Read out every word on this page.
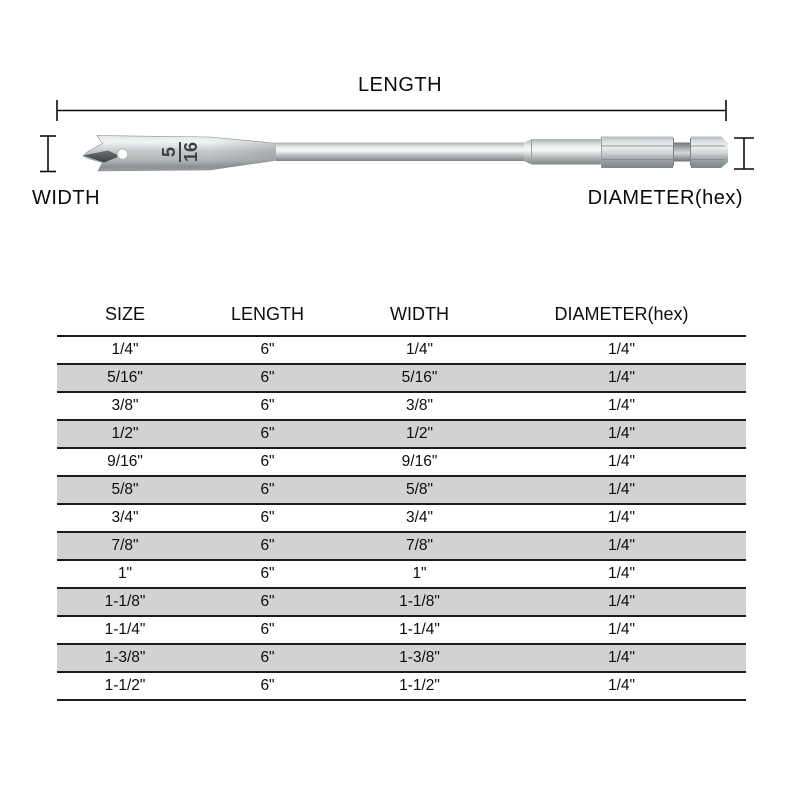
LENGTH
WIDTH	DIAMETER(hex)
5 16
SIZE	LENGTH	WIDTH	DIAMETER(hex)
1/4"	6"	1/4"	1/4"
5/16"	6"	5/16"	1/4"
3/8"	6"	3/8"	1/4"
1/2"	6"	1/2"	1/4"
9/16"	6"	9/16"	1/4"
5/8"	6"	5/8"	1/4"
3/4"	6"	3/4"	1/4"
7/8"	6"	7/8"	1/4"
1"	6"	1"	1/4"
1-1/8"	6"	1-1/8"	1/4"
1-1/4"	6"	1-1/4"	1/4"
1-3/8"	6"	1-3/8"	1/4"
1-1/2"	6"	1-1/2"	1/4"
